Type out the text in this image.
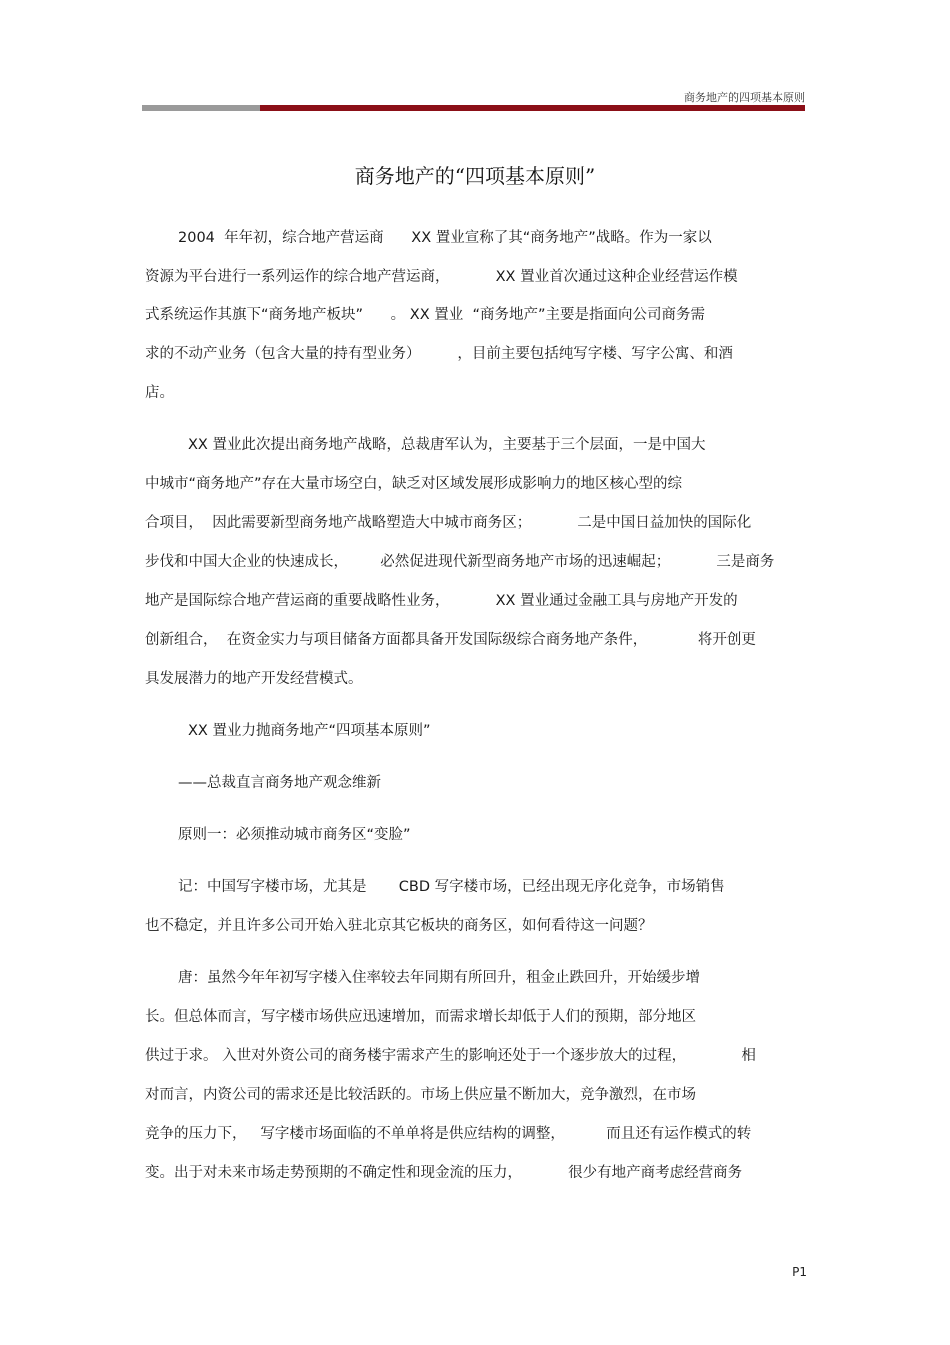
商务地产的四项基本原则
商务地产的“四项基本原则”
2004  年年初，综合地产营运商      XX 置业宣称了其“商务地产”战略。作为一家以
资源为平台进行一系列运作的综合地产营运商，          XX 置业首次通过这种企业经营运作模
式系统运作其旗下“商务地产板块”      。 XX 置业  “商务地产”主要是指面向公司商务需
求的不动产业务（包含大量的持有型业务）        ，目前主要包括纯写字楼、写字公寓、和酒
店。
XX 置业此次提出商务地产战略，总裁唐军认为，主要基于三个层面，一是中国大
中城市“商务地产”存在大量市场空白，缺乏对区域发展形成影响力的地区核心型的综
合项目，  因此需要新型商务地产战略塑造大中城市商务区；          二是中国日益加快的国际化
步伐和中国大企业的快速成长，       必然促进现代新型商务地产市场的迅速崛起；          三是商务
地产是国际综合地产营运商的重要战略性业务，          XX 置业通过金融工具与房地产开发的
创新组合，  在资金实力与项目储备方面都具备开发国际级综合商务地产条件，           将开创更
具发展潜力的地产开发经营模式。
XX 置业力抛商务地产“四项基本原则”
——总裁直言商务地产观念维新
原则一：必须推动城市商务区“变脸”
记：中国写字楼市场，尤其是       CBD 写字楼市场，已经出现无序化竞争，市场销售
也不稳定，并且许多公司开始入驻北京其它板块的商务区，如何看待这一问题？
唐：虽然今年年初写字楼入住率较去年同期有所回升，租金止跌回升，开始缓步增
长。但总体而言，写字楼市场供应迅速增加，而需求增长却低于人们的预期，部分地区
供过于求。 入世对外资公司的商务楼宇需求产生的影响还处于一个逐步放大的过程，            相
对而言，内资公司的需求还是比较活跃的。市场上供应量不断加大，竞争激烈，在市场
竞争的压力下，   写字楼市场面临的不单单将是供应结构的调整，         而且还有运作模式的转
变。出于对未来市场走势预期的不确定性和现金流的压力，          很少有地产商考虑经营商务
P1
